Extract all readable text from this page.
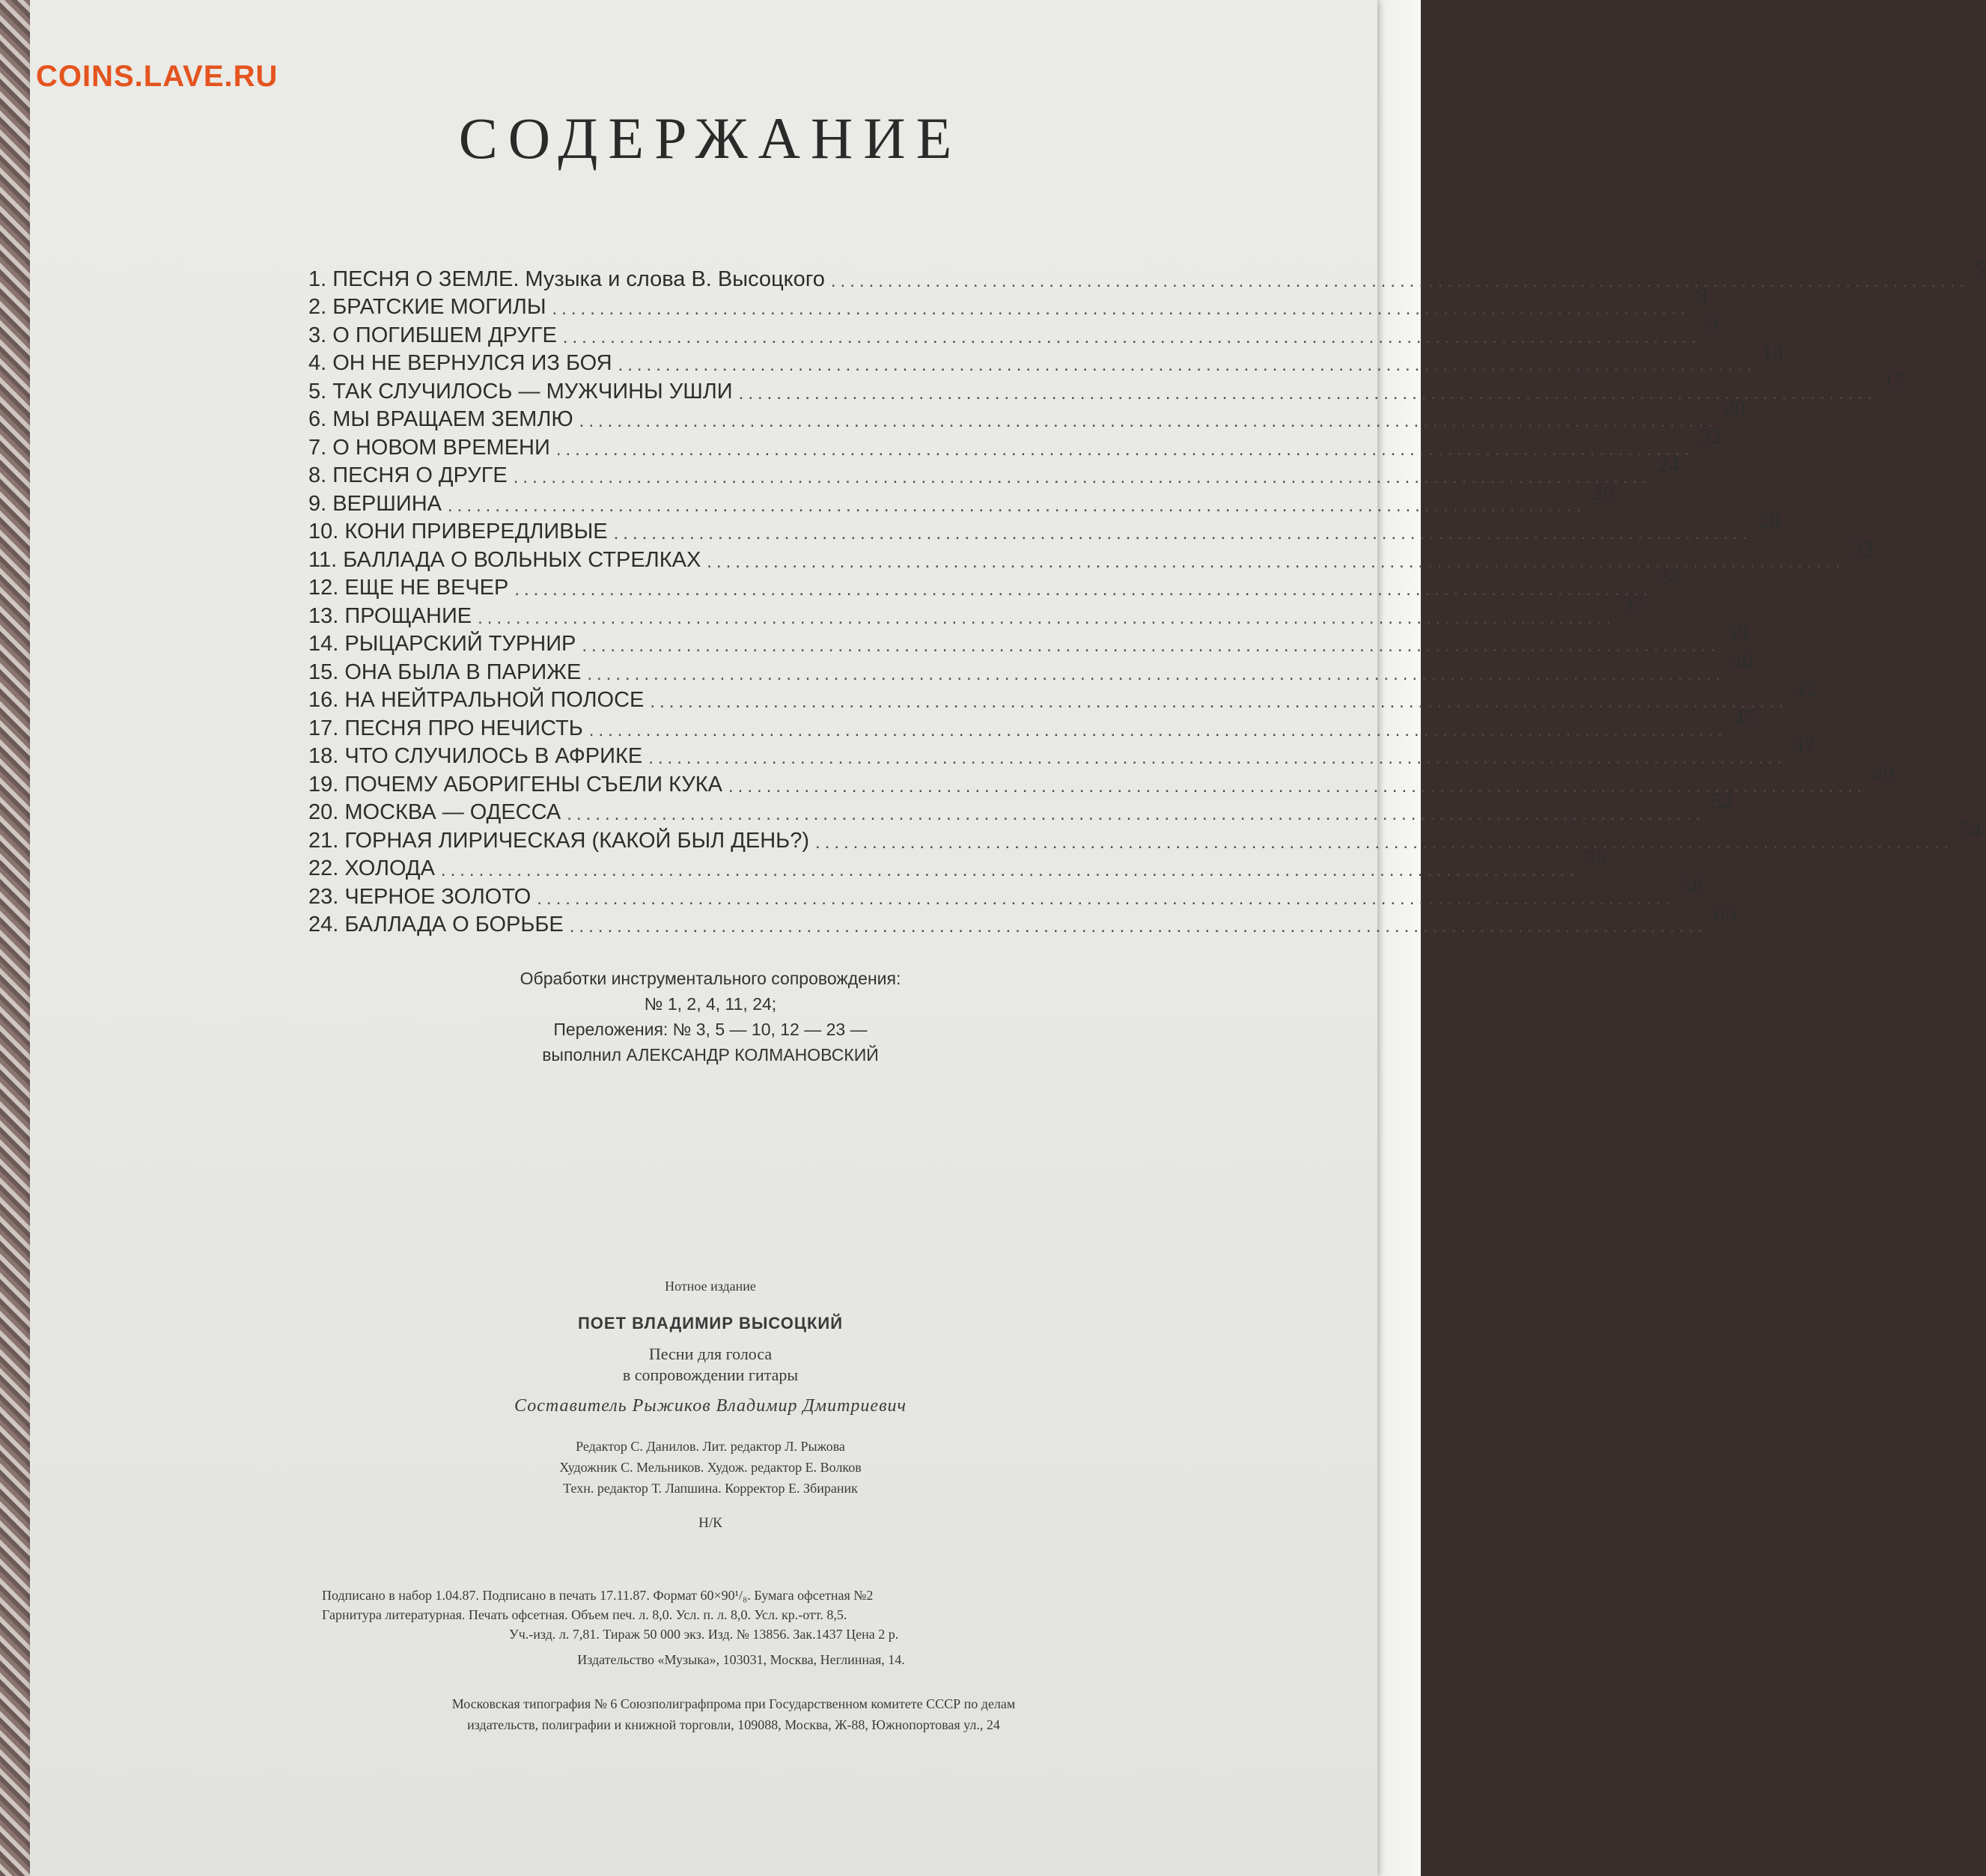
COINS.LAVE.RU
СОДЕРЖАНИЕ
1. ПЕСНЯ О ЗЕМЛЕ. Музыка и слова В. Высоцкого ........................................................................................................................
5
2. БРАТСКИЕ МОГИЛЫ ........................................................................................................................
8
3. О ПОГИБШЕМ ДРУГЕ ........................................................................................................................
9
4. ОН НЕ ВЕРНУЛСЯ ИЗ БОЯ ........................................................................................................................
14
5. ТАК СЛУЧИЛОСЬ — МУЖЧИНЫ УШЛИ ........................................................................................................................
17
6. МЫ ВРАЩАЕМ ЗЕМЛЮ ........................................................................................................................
20
7. О НОВОМ ВРЕМЕНИ ........................................................................................................................
22
8. ПЕСНЯ О ДРУГЕ ........................................................................................................................
24
9. ВЕРШИНА ........................................................................................................................
26
10. КОНИ ПРИВЕРЕДЛИВЫЕ ........................................................................................................................
28
11. БАЛЛАДА О ВОЛЬНЫХ СТРЕЛКАХ ........................................................................................................................
32
12. ЕЩЕ НЕ ВЕЧЕР ........................................................................................................................
34
13. ПРОЩАНИЕ ........................................................................................................................
37
14. РЫЦАРСКИЙ ТУРНИР ........................................................................................................................
39
15. ОНА БЫЛА В ПАРИЖЕ ........................................................................................................................
40
16. НА НЕЙТРАЛЬНОЙ ПОЛОСЕ ........................................................................................................................
42
17. ПЕСНЯ ПРО НЕЧИСТЬ ........................................................................................................................
45
18. ЧТО СЛУЧИЛОСЬ В АФРИКЕ ........................................................................................................................
47
19. ПОЧЕМУ АБОРИГЕНЫ СЪЕЛИ КУКА ........................................................................................................................
49
20. МОСКВА — ОДЕССА ........................................................................................................................
52
21. ГОРНАЯ ЛИРИЧЕСКАЯ (КАКОЙ БЫЛ ДЕНЬ?) ........................................................................................................................
54
22. ХОЛОДА ........................................................................................................................
56
23. ЧЕРНОЕ ЗОЛОТО ........................................................................................................................
58
24. БАЛЛАДА О БОРЬБЕ ........................................................................................................................
60
Обработки инструментального сопровождения:
№ 1, 2, 4, 11, 24;
Переложения: № 3, 5 — 10, 12 — 23 —
выполнил АЛЕКСАНДР КОЛМАНОВСКИЙ
Нотное издание
ПОЕТ ВЛАДИМИР ВЫСОЦКИЙ
Песни для голоса
в сопровождении гитары
Составитель Рыжиков Владимир Дмитриевич
Редактор С. Данилов. Лит. редактор Л. Рыжова
Художник С. Мельников. Худож. редактор Е. Волков
Техн. редактор Т. Лапшина. Корректор Е. Збираник
Н/К
Подписано в набор 1.04.87. Подписано в печать 17.11.87. Формат 60×90¹/₈. Бумага офсетная №2
Гарнитура литературная. Печать офсетная. Объем печ. л. 8,0. Усл. п. л. 8,0. Усл. кр.-отт. 8,5.
Уч.-изд. л. 7,81. Тираж 50 000 экз. Изд. № 13856. Зак.1437 Цена 2 р.
Издательство «Музыка», 103031, Москва, Неглинная, 14.
Московская типография № 6 Союзполиграфпрома при Государственном комитете СССР по делам
издательств, полиграфии и книжной торговли, 109088, Москва, Ж-88, Южнопортовая ул., 24
